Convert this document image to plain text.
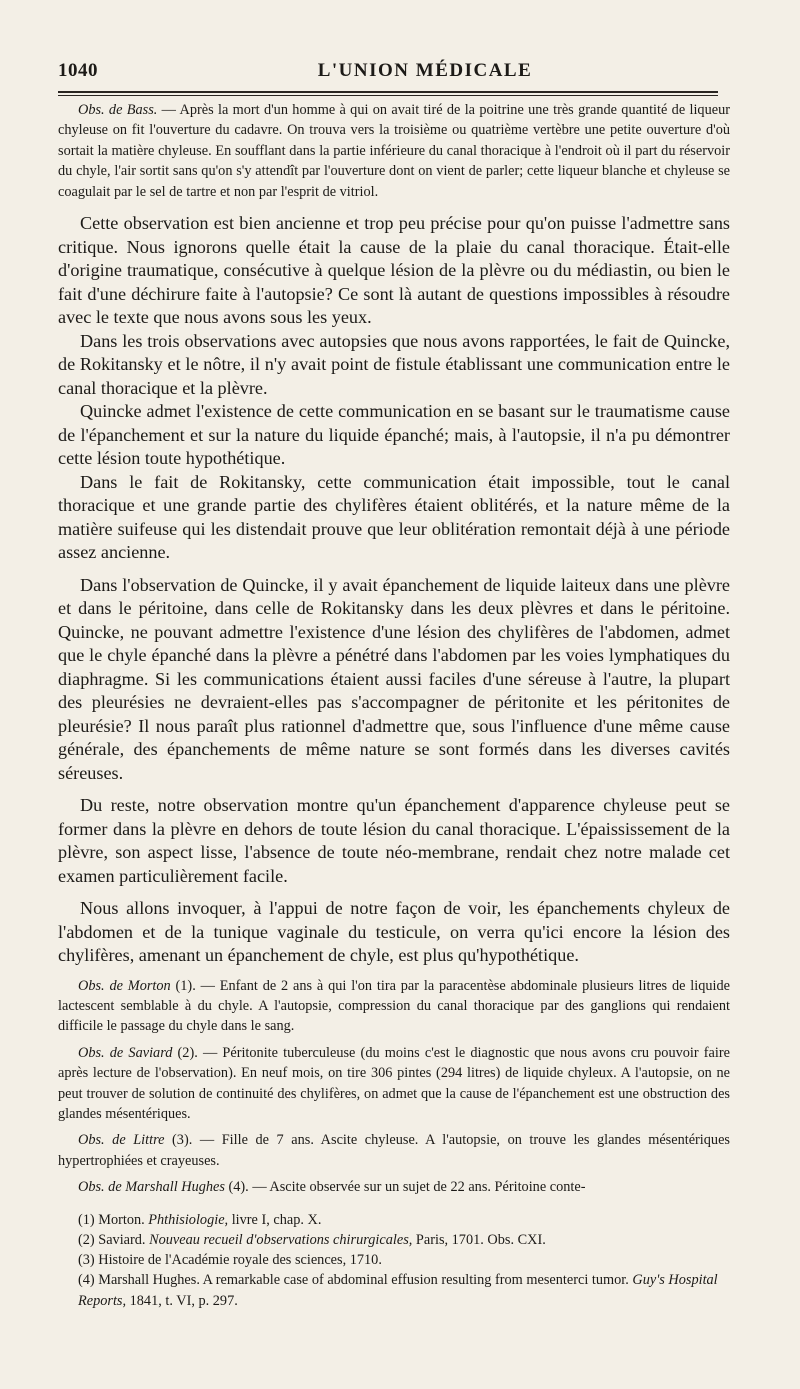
L'UNION MÉDICALE
1040

Obs. de Bass. — Après la mort d'un homme à qui on avait tiré de la poitrine une très grande quantité de liqueur chyleuse on fit l'ouverture du cadavre. On trouva vers la troisième ou quatrième vertèbre une petite ouverture d'où sortait la matière chyleuse. En soufflant dans la partie inférieure du canal thoracique à l'endroit où il part du réservoir du chyle, l'air sortit sans qu'on s'y attendît par l'ouverture dont on vient de parler; cette liqueur blanche et chyleuse se coagulait par le sel de tartre et non par l'esprit de vitriol.

Cette observation est bien ancienne et trop peu précise pour qu'on puisse l'admettre sans critique. Nous ignorons quelle était la cause de la plaie du canal thoracique. Était-elle d'origine traumatique, consécutive à quelque lésion de la plèvre ou du médiastin, ou bien le fait d'une déchirure faite à l'autopsie? Ce sont là autant de questions impossibles à résoudre avec le texte que nous avons sous les yeux.

Dans les trois observations avec autopsies que nous avons rapportées, le fait de Quincke, de Rokitansky et le nôtre, il n'y avait point de fistule établissant une communication entre le canal thoracique et la plèvre.

Quincke admet l'existence de cette communication en se basant sur le traumatisme cause de l'épanchement et sur la nature du liquide épanché; mais, à l'autopsie, il n'a pu démontrer cette lésion toute hypothétique.

Dans le fait de Rokitansky, cette communication était impossible, tout le canal thoracique et une grande partie des chylifères étaient oblitérés, et la nature même de la matière suifeuse qui les distendait prouve que leur oblitération remontait déjà à une période assez ancienne.

Dans l'observation de Quincke, il y avait épanchement de liquide laiteux dans une plèvre et dans le péritoine, dans celle de Rokitansky dans les deux plèvres et dans le péritoine. Quincke, ne pouvant admettre l'existence d'une lésion des chylifères de l'abdomen, admet que le chyle épanché dans la plèvre a pénétré dans l'abdomen par les voies lymphatiques du diaphragme. Si les communications étaient aussi faciles d'une séreuse à l'autre, la plupart des pleurésies ne devraient-elles pas s'accompagner de péritonite et les péritonites de pleurésie? Il nous paraît plus rationnel d'admettre que, sous l'influence d'une même cause générale, des épanchements de même nature se sont formés dans les diverses cavités séreuses.

Du reste, notre observation montre qu'un épanchement d'apparence chyleuse peut se former dans la plèvre en dehors de toute lésion du canal thoracique. L'épaississement de la plèvre, son aspect lisse, l'absence de toute néo-membrane, rendait chez notre malade cet examen particulièrement facile.

Nous allons invoquer, à l'appui de notre façon de voir, les épanchements chyleux de l'abdomen et de la tunique vaginale du testicule, on verra qu'ici encore la lésion des chylifères, amenant un épanchement de chyle, est plus qu'hypothétique.

Obs. de Morton (1). — Enfant de 2 ans à qui l'on tira par la paracentèse abdominale plusieurs litres de liquide lactescent semblable à du chyle. A l'autopsie, compression du canal thoracique par des ganglions qui rendaient difficile le passage du chyle dans le sang.

Obs. de Saviard (2). — Péritonite tuberculeuse (du moins c'est le diagnostic que nous avons cru pouvoir faire après lecture de l'observation). En neuf mois, on tire 306 pintes (294 litres) de liquide chyleux. A l'autopsie, on ne peut trouver de solution de continuité des chylifères, on admet que la cause de l'épanchement est une obstruction des glandes mésentériques.

Obs. de Littre (3). — Fille de 7 ans. Ascite chyleuse. A l'autopsie, on trouve les glandes mésentériques hypertrophiées et crayeuses.

Obs. de Marshall Hughes (4). — Ascite observée sur un sujet de 22 ans. Péritoine conte-

(1) Morton. Phthisiologie, livre I, chap. X.

(2) Saviard. Nouveau recueil d'observations chirurgicales, Paris, 1701. Obs. CXI.

(3) Histoire de l'Académie royale des sciences, 1710.

(4) Marshall Hughes. A remarkable case of abdominal effusion resulting from mesenterci tumor. Guy's Hospital Reports, 1841, t. VI, p. 297.
